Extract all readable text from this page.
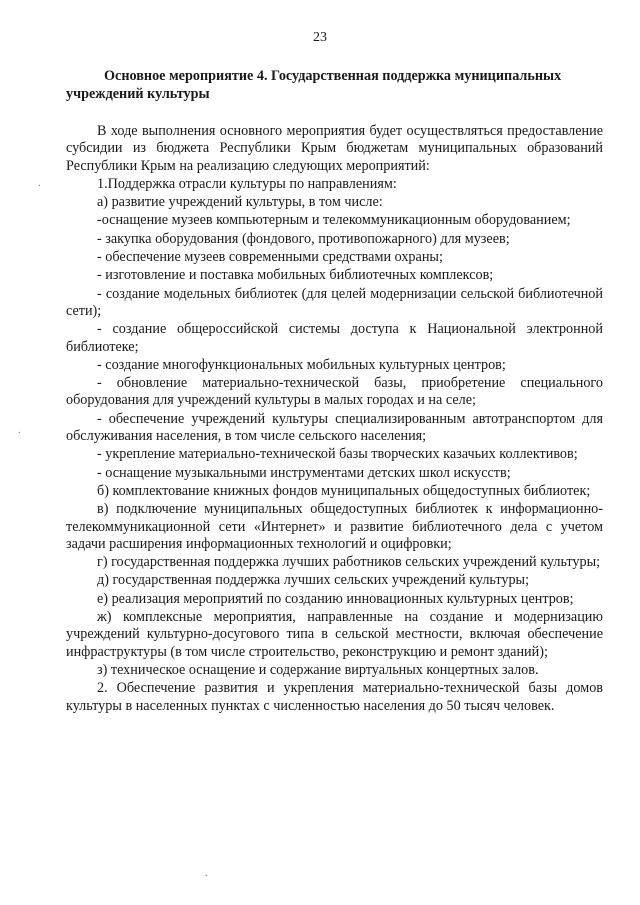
23
Основное мероприятие 4. Государственная поддержка муниципальных учреждений культуры

В ходе выполнения основного мероприятия будет осуществляться предоставление субсидии из бюджета Республики Крым бюджетам муниципальных образований Республики Крым на реализацию следующих мероприятий:

1.Поддержка отрасли культуры по направлениям:

а) развитие учреждений культуры, в том числе:

-оснащение музеев компьютерным и телекоммуникационным оборудованием;

- закупка оборудования (фондового, противопожарного) для музеев;

- обеспечение музеев современными средствами охраны;

- изготовление и поставка мобильных библиотечных комплексов;

- создание модельных библиотек (для целей модернизации сельской библиотечной сети);

- создание общероссийской системы доступа к Национальной электронной библиотеке;

- создание многофункциональных мобильных культурных центров;

- обновление материально-технической базы, приобретение специального оборудования для учреждений культуры в малых городах и на селе;

- обеспечение учреждений культуры специализированным автотранспортом для обслуживания населения, в том числе сельского населения;

- укрепление материально-технической базы творческих казачьих коллективов;

- оснащение музыкальными инструментами детских школ искусств;

б) комплектование книжных фондов муниципальных общедоступных библиотек;

в) подключение муниципальных общедоступных библиотек к информационно-телекоммуникационной сети «Интернет» и развитие библиотечного дела с учетом задачи расширения информационных технологий и оцифровки;

г) государственная поддержка лучших работников сельских учреждений культуры;

д) государственная поддержка лучших сельских учреждений культуры;

е) реализация мероприятий по созданию инновационных культурных центров;

ж) комплексные мероприятия, направленные на создание и модернизацию учреждений культурно-досугового типа в сельской местности, включая обеспечение инфраструктуры (в том числе строительство, реконструкцию и ремонт зданий);

з) техническое оснащение и содержание виртуальных концертных залов.

2. Обеспечение развития и укрепления материально-технической базы домов культуры в населенных пунктах с численностью населения до 50 тысяч человек.

.
.
.
